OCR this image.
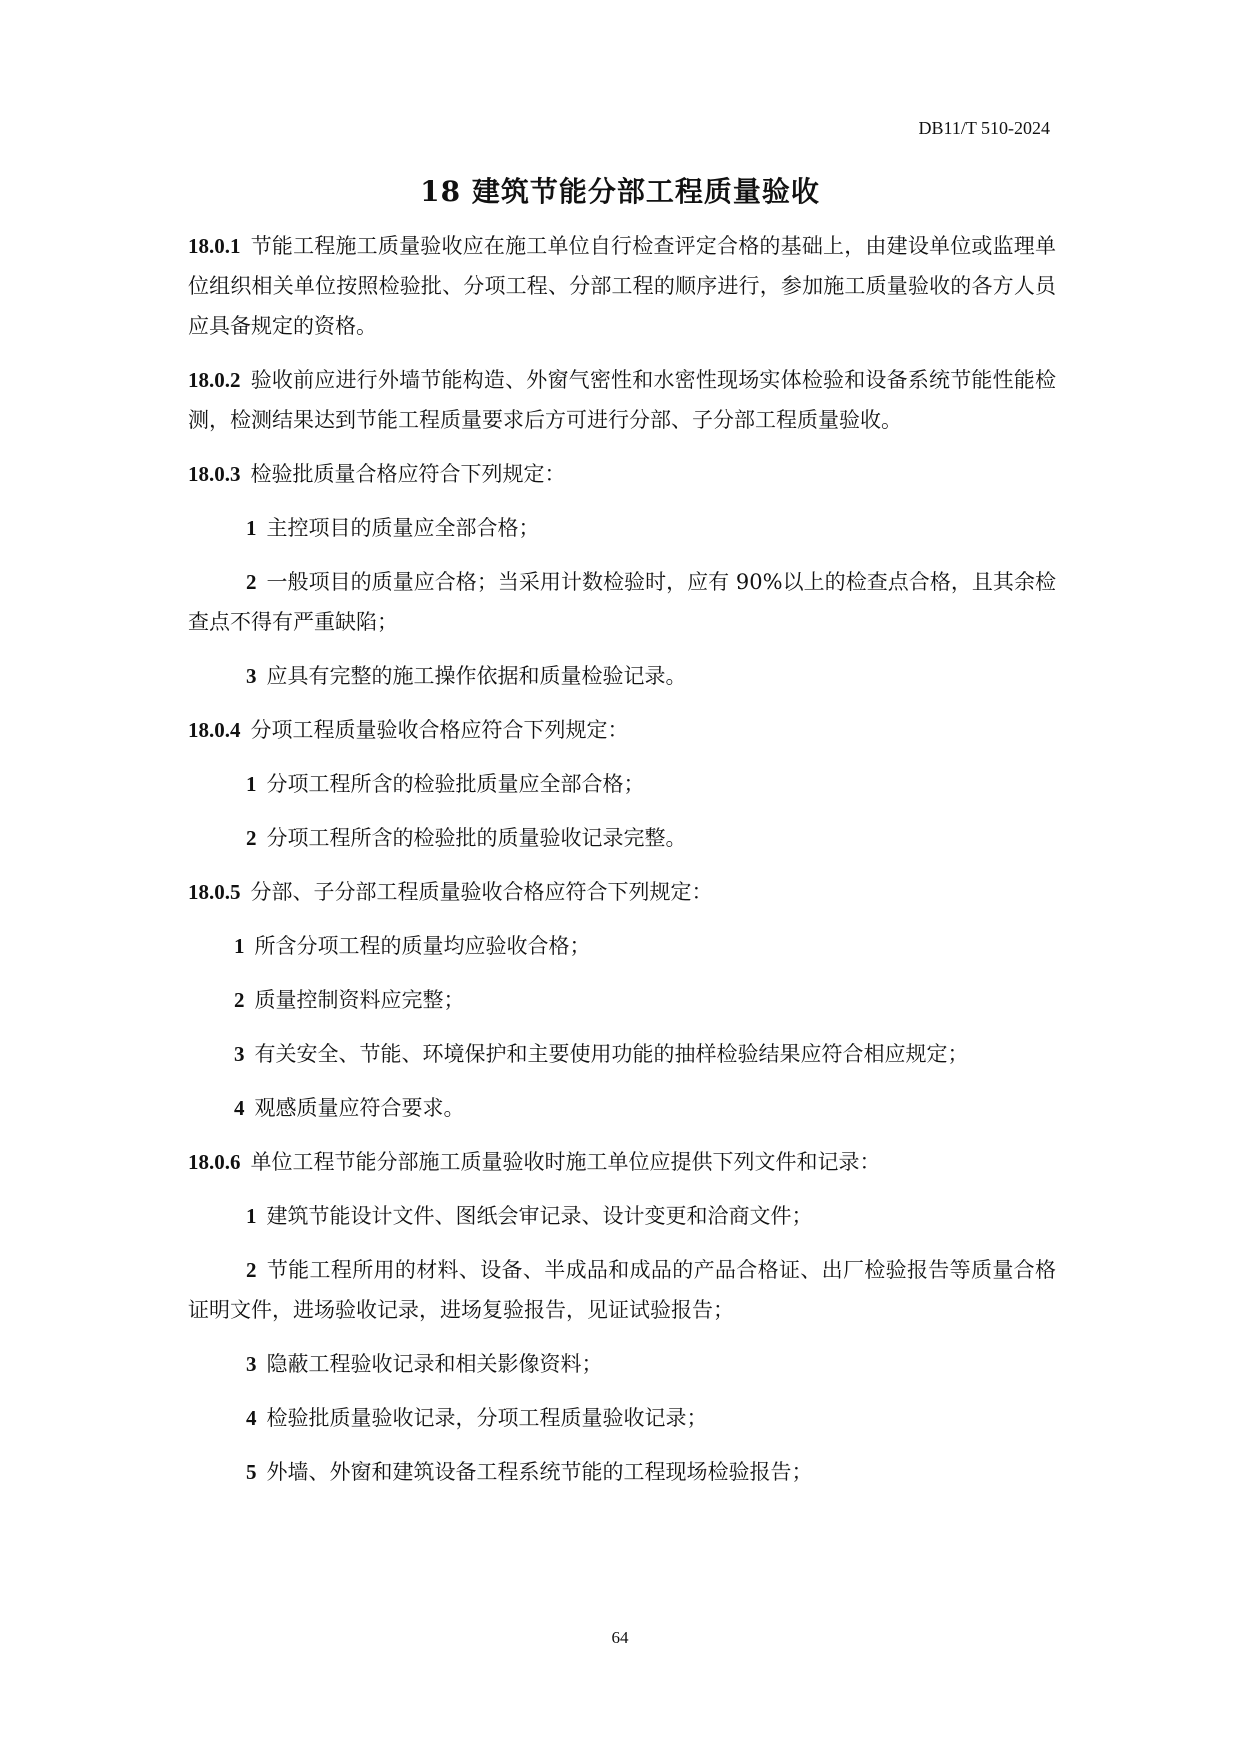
DB11/T 510-2024
18 建筑节能分部工程质量验收

18.0.1 节能工程施工质量验收应在施工单位自行检查评定合格的基础上，由建设单位或监理单位组织相关单位按照检验批、分项工程、分部工程的顺序进行，参加施工质量验收的各方人员应具备规定的资格。

18.0.2 验收前应进行外墙节能构造、外窗气密性和水密性现场实体检验和设备系统节能性能检测，检测结果达到节能工程质量要求后方可进行分部、子分部工程质量验收。

18.0.3 检验批质量合格应符合下列规定：

1 主控项目的质量应全部合格；

2 一般项目的质量应合格；当采用计数检验时，应有 90%以上的检查点合格，且其余检查点不得有严重缺陷；

3 应具有完整的施工操作依据和质量检验记录。

18.0.4 分项工程质量验收合格应符合下列规定：

1 分项工程所含的检验批质量应全部合格；

2 分项工程所含的检验批的质量验收记录完整。

18.0.5 分部、子分部工程质量验收合格应符合下列规定：

1 所含分项工程的质量均应验收合格；

2 质量控制资料应完整；

3 有关安全、节能、环境保护和主要使用功能的抽样检验结果应符合相应规定；

4 观感质量应符合要求。

18.0.6 单位工程节能分部施工质量验收时施工单位应提供下列文件和记录：

1 建筑节能设计文件、图纸会审记录、设计变更和洽商文件；

2 节能工程所用的材料、设备、半成品和成品的产品合格证、出厂检验报告等质量合格证明文件，进场验收记录，进场复验报告，见证试验报告；

3 隐蔽工程验收记录和相关影像资料；

4 检验批质量验收记录，分项工程质量验收记录；

5 外墙、外窗和建筑设备工程系统节能的工程现场检验报告；

64
